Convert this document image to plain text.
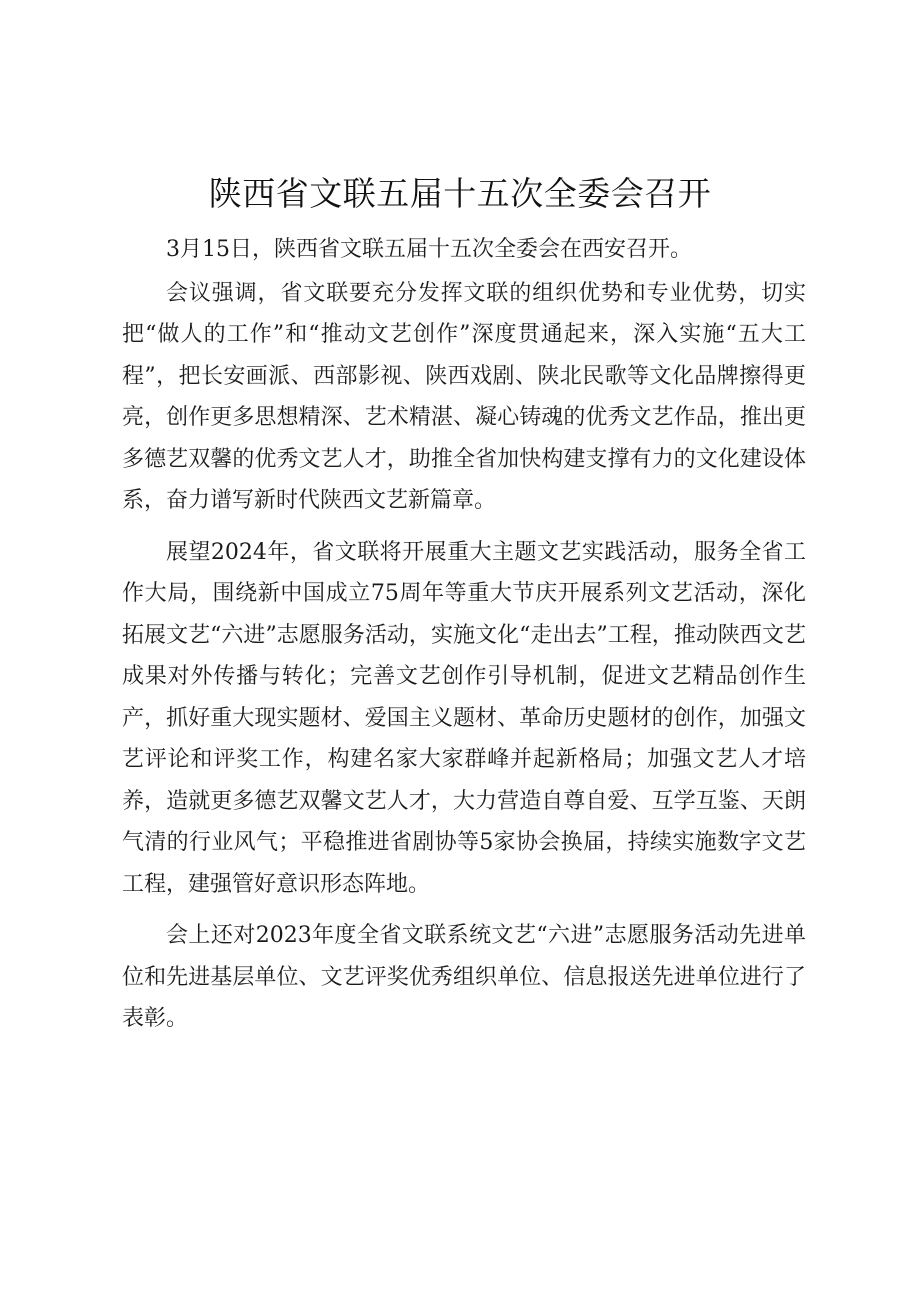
陕西省文联五届十五次全委会召开

3月15日，陕西省文联五届十五次全委会在西安召开。

会议强调，省文联要充分发挥文联的组织优势和专业优势，切实把“做人的工作”和“推动文艺创作”深度贯通起来，深入实施“五大工程”，把长安画派、西部影视、陕西戏剧、陕北民歌等文化品牌擦得更亮，创作更多思想精深、艺术精湛、凝心铸魂的优秀文艺作品，推出更多德艺双馨的优秀文艺人才，助推全省加快构建支撑有力的文化建设体系，奋力谱写新时代陕西文艺新篇章。

展望2024年，省文联将开展重大主题文艺实践活动，服务全省工作大局，围绕新中国成立75周年等重大节庆开展系列文艺活动，深化拓展文艺“六进”志愿服务活动，实施文化“走出去”工程，推动陕西文艺成果对外传播与转化；完善文艺创作引导机制，促进文艺精品创作生产，抓好重大现实题材、爱国主义题材、革命历史题材的创作，加强文艺评论和评奖工作，构建名家大家群峰并起新格局；加强文艺人才培养，造就更多德艺双馨文艺人才，大力营造自尊自爱、互学互鉴、天朗气清的行业风气；平稳推进省剧协等5家协会换届，持续实施数字文艺工程，建强管好意识形态阵地。

会上还对2023年度全省文联系统文艺“六进”志愿服务活动先进单位和先进基层单位、文艺评奖优秀组织单位、信息报送先进单位进行了表彰。
